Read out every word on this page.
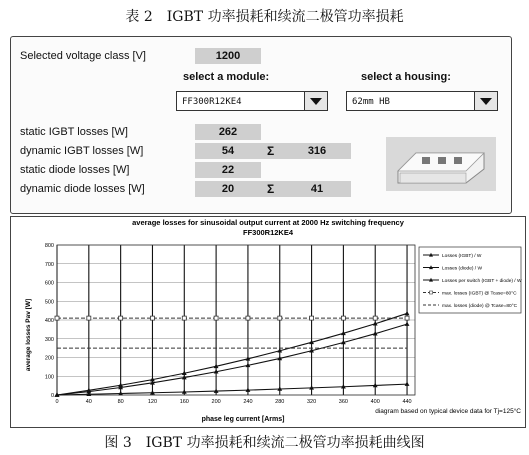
表 2　IGBT 功率损耗和续流二极管功率损耗
Selected voltage class [V]	1200
select a module:	select a housing:
FF300R12KE4	62mm HB
static IGBT losses [W]	262
dynamic IGBT losses [W]	54	Σ	316
static diode losses [W]	22
dynamic diode losses [W]	20	Σ	41
average losses for sinusoidal output current at 2000 Hz switching frequency
FF300R12KE4
0
100
200
300
400
500
600
700
800
0	40	80	120	160	200	240	280	320	360	400	440
Losses (IGBT) / W
Losses (diode) / W
Losses per switch (IGBT + diode) / W
max. losses (IGBT) @ Tcase=80°C
max. losses (diode) @ Tcase=80°C
average losses Pav [W]
phase leg current [Arms]
diagram based on typical device data for Tj=125°C
图 3　IGBT 功率损耗和续流二极管功率损耗曲线图
